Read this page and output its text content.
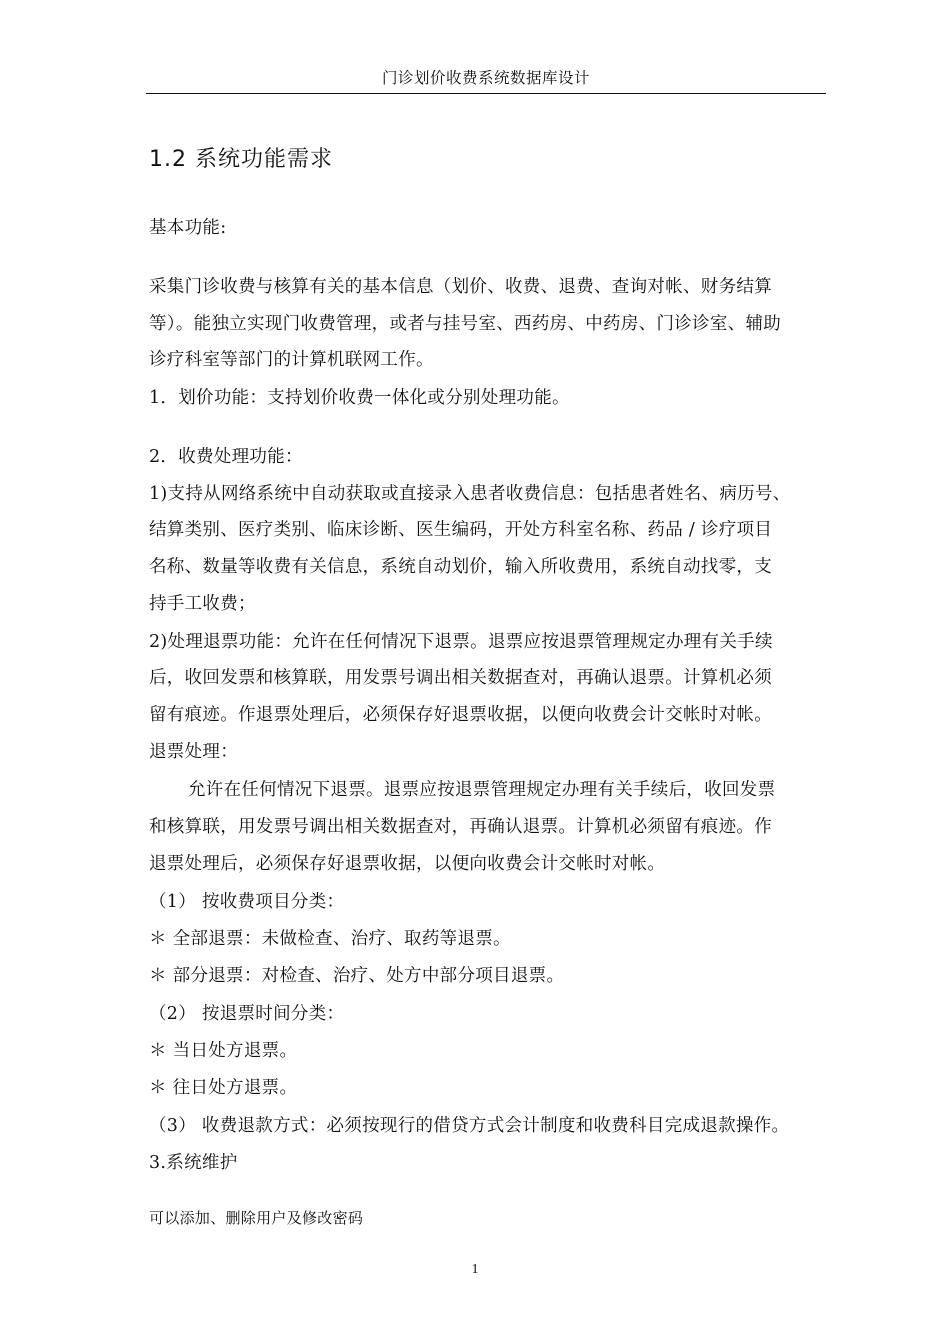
门诊划价收费系统数据库设计
1.2 系统功能需求
基本功能:
采集门诊收费与核算有关的基本信息（划价、收费、退费、查询对帐、财务结算
等）。能独立实现门收费管理，或者与挂号室、西药房、中药房、门诊诊室、辅助
诊疗科室等部门的计算机联网工作。
1．划价功能：支持划价收费一体化或分别处理功能。
2．收费处理功能：
1)支持从网络系统中自动获取或直接录入患者收费信息：包括患者姓名、病历号、
结算类别、医疗类别、临床诊断、医生编码，开处方科室名称、药品 / 诊疗项目
名称、数量等收费有关信息，系统自动划价，输入所收费用，系统自动找零，支
持手工收费；
2)处理退票功能：允许在任何情况下退票。退票应按退票管理规定办理有关手续
后，收回发票和核算联，用发票号调出相关数据查对，再确认退票。计算机必须
留有痕迹。作退票处理后，必须保存好退票收据，以便向收费会计交帐时对帐。
退票处理：
允许在任何情况下退票。退票应按退票管理规定办理有关手续后，收回发票
和核算联，用发票号调出相关数据查对，再确认退票。计算机必须留有痕迹。作
退票处理后，必须保存好退票收据，以便向收费会计交帐时对帐。
（1） 按收费项目分类：
＊ 全部退票：未做检查、治疗、取药等退票。
＊ 部分退票：对检查、治疗、处方中部分项目退票。
（2） 按退票时间分类：
＊ 当日处方退票。
＊ 往日处方退票。
（3） 收费退款方式：必须按现行的借贷方式会计制度和收费科目完成退款操作。
3.系统维护
可以添加、删除用户及修改密码
1
